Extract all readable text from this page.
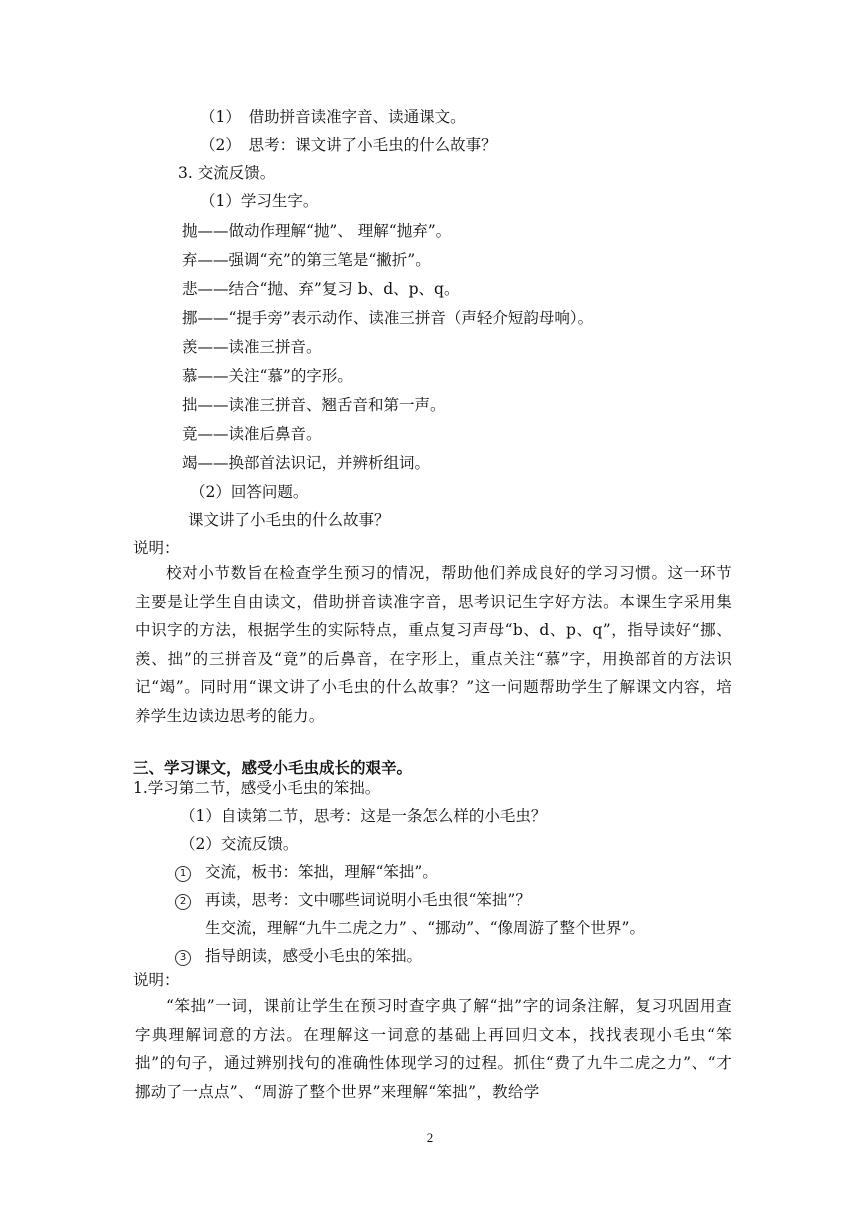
（1）　借助拼音读准字音、读通课文。
（2）　思考：课文讲了小毛虫的什么故事？
3. 交流反馈。
（1）学习生字。
抛——做动作理解“抛”、 理解“抛弃”。
弃——强调“充”的第三笔是“撇折”。
悲——结合“抛、弃”复习 b、d、p、q。
挪——“提手旁”表示动作、读准三拼音（声轻介短韵母响）。
羡——读准三拼音。
慕——关注“慕”的字形。
拙——读准三拼音、翘舌音和第一声。
竟——读准后鼻音。
竭——换部首法识记，并辨析组词。
（2）回答问题。
课文讲了小毛虫的什么故事？
说明：
校对小节数旨在检查学生预习的情况，帮助他们养成良好的学习习惯。这一环节主要是让学生自由读文，借助拼音读准字音，思考识记生字好方法。本课生字采用集中识字的方法，根据学生的实际特点，重点复习声母“b、d、p、q”，指导读好“挪、羡、拙”的三拼音及“竟”的后鼻音，在字形上，重点关注“慕”字，用换部首的方法识记“竭”。同时用“课文讲了小毛虫的什么故事？”这一问题帮助学生了解课文内容，培养学生边读边思考的能力。
三、学习课文，感受小毛虫成长的艰辛。
1.学习第二节，感受小毛虫的笨拙。
（1）自读第二节，思考：这是一条怎么样的小毛虫？
（2）交流反馈。
1 交流，板书：笨拙，理解“笨拙”。
2 再读，思考：文中哪些词说明小毛虫很“笨拙”？
生交流，理解“九牛二虎之力” 、“挪动”、“像周游了整个世界”。
3 指导朗读，感受小毛虫的笨拙。
说明：
“笨拙”一词，课前让学生在预习时查字典了解“拙”字的词条注解，复习巩固用查字典理解词意的方法。在理解这一词意的基础上再回归文本，找找表现小毛虫“笨拙”的句子，通过辨别找句的准确性体现学习的过程。抓住“费了九牛二虎之力”、“才挪动了一点点”、“周游了整个世界”来理解“笨拙”，教给学
2
